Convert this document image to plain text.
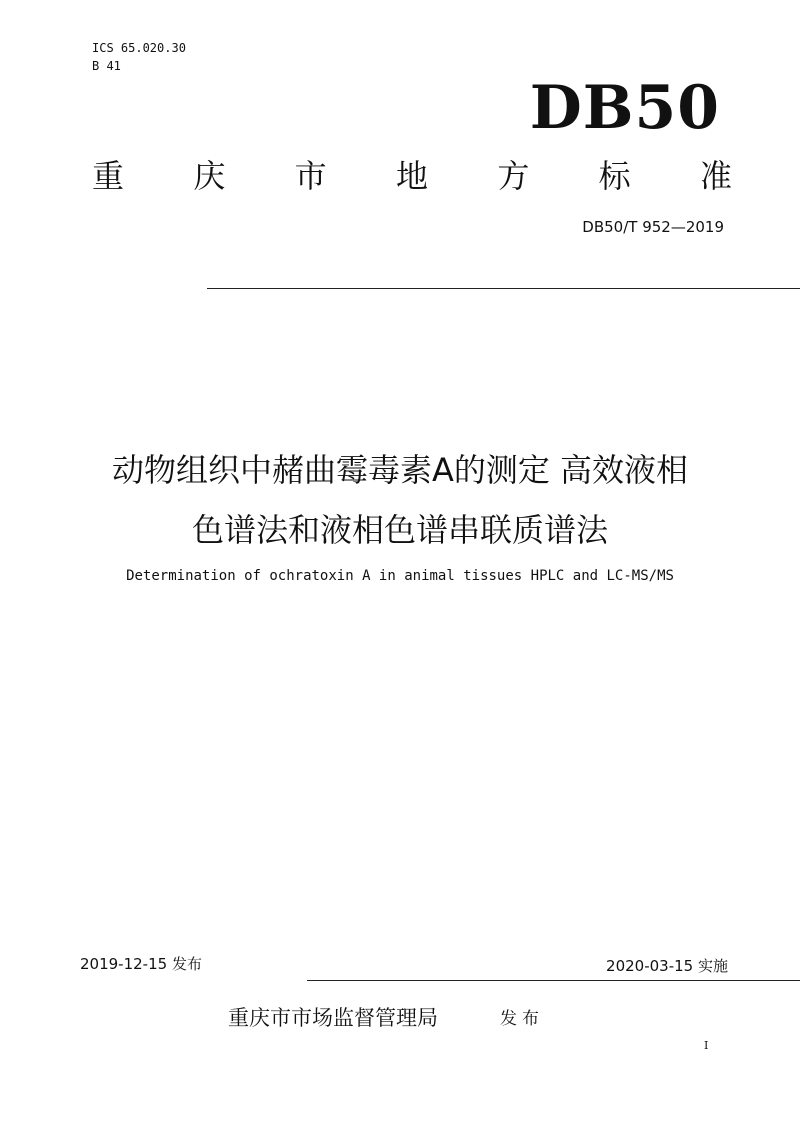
ICS 65.020.30
B 41
DB50
重 庆 市 地 方 标 准
DB50/T 952—2019
动物组织中赭曲霉毒素A的测定 高效液相
色谱法和液相色谱串联质谱法
Determination of ochratoxin A in animal tissues HPLC and LC-MS/MS
2019-12-15 发布	2020-03-15 实施
重庆市市场监督管理局	发布
I
